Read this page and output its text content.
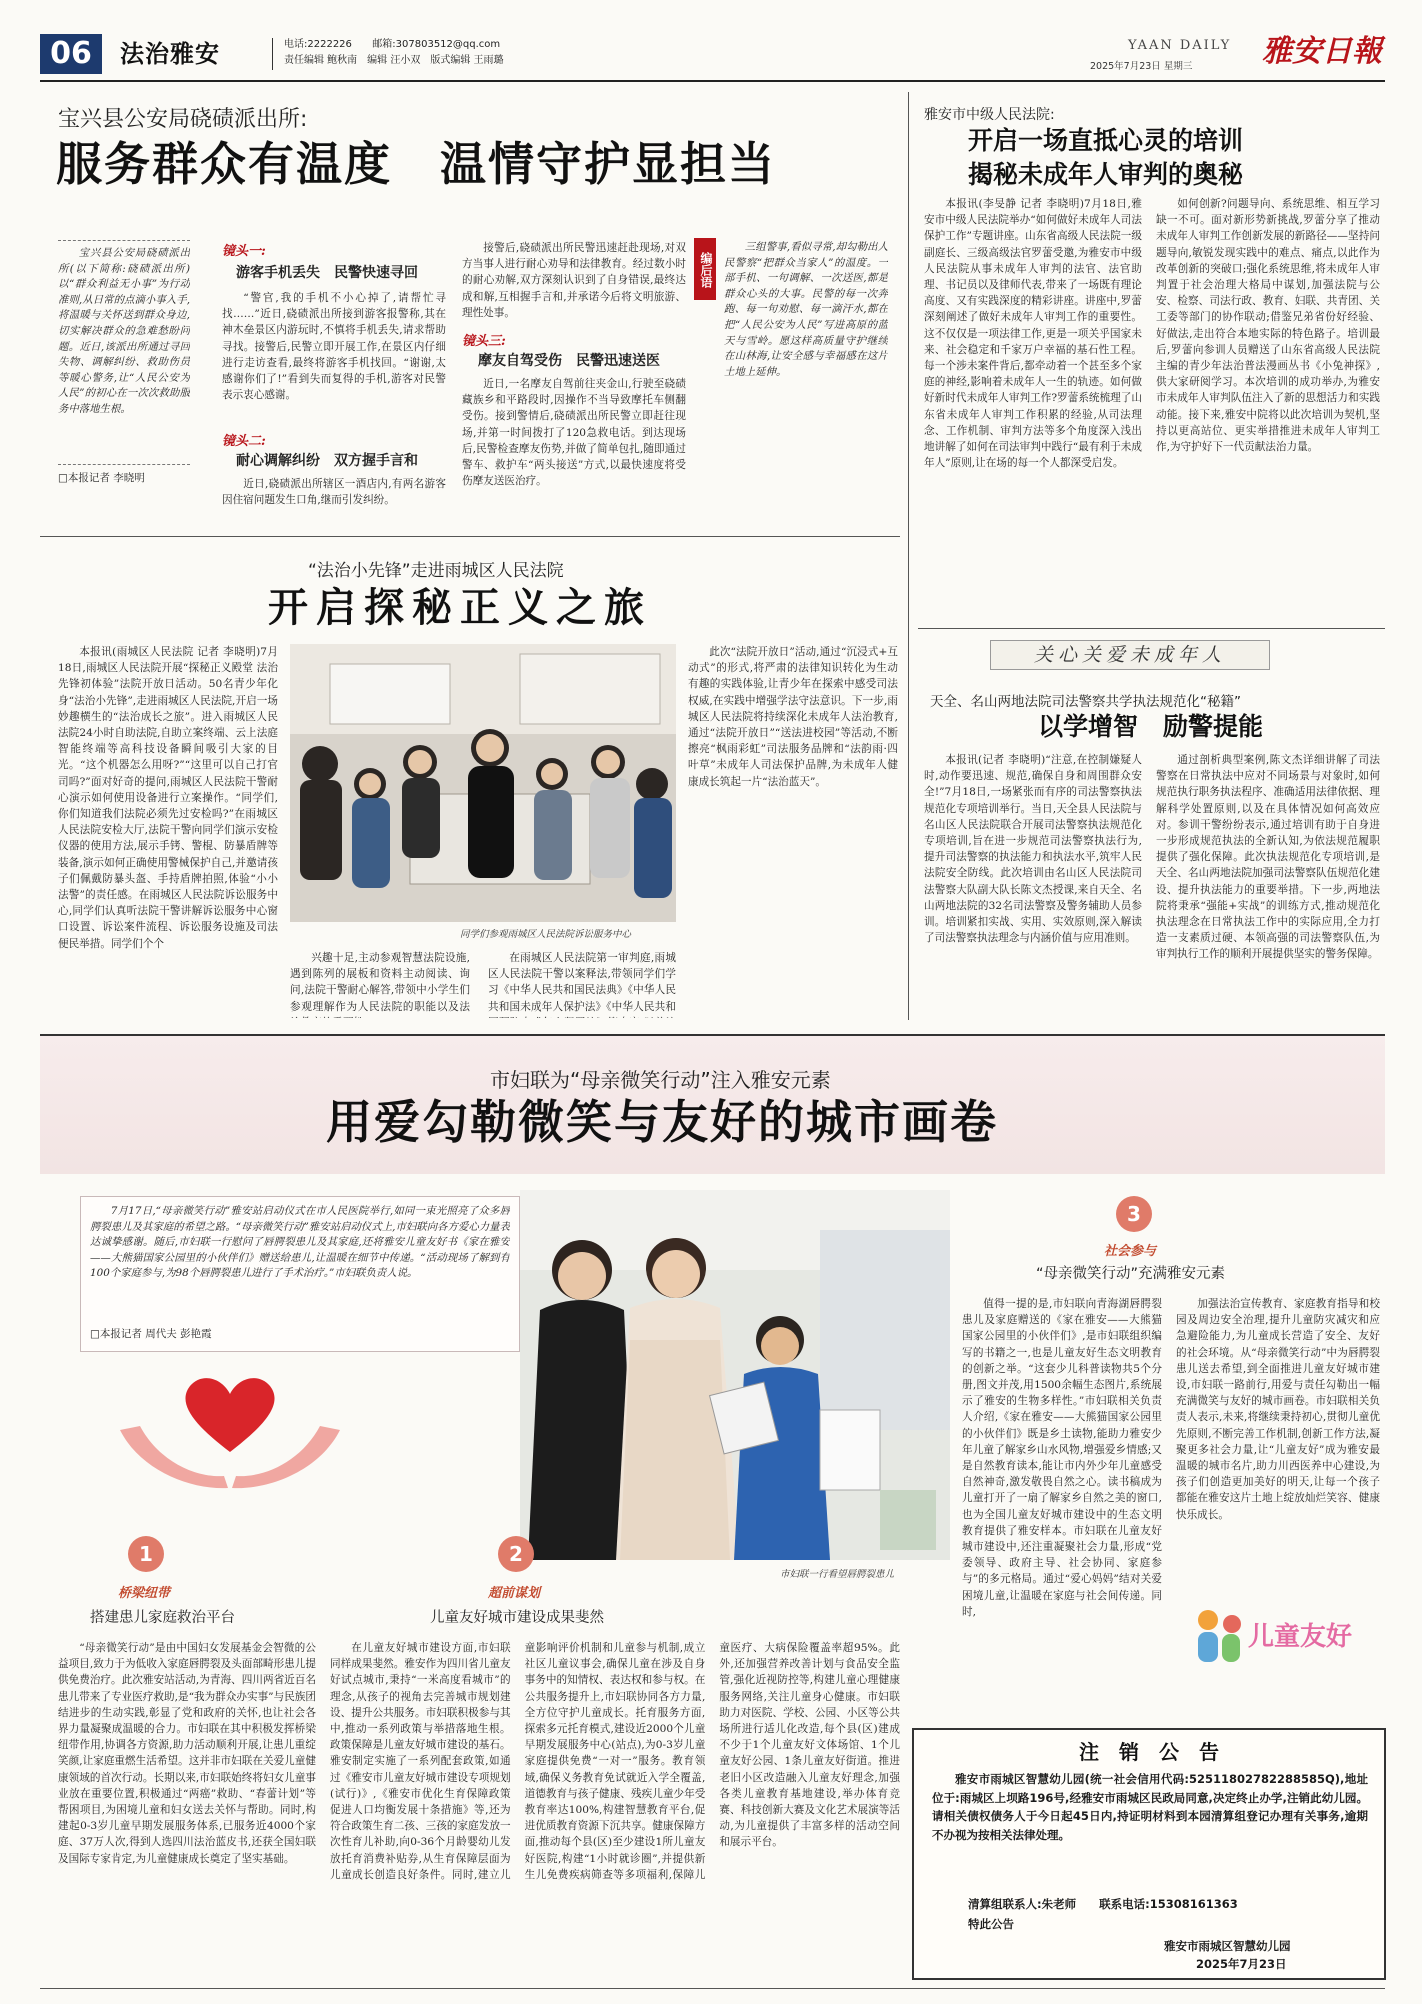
06	法治雅安	电话:2222226 邮箱:307803512@qq.com
责任编辑 鲍秋南　编辑 汪小双　版式编辑 王雨璐
YAAN DAILY
2025年7月23日 星期三 雅安日報
宝兴县公安局硗碛派出所:
服务群众有温度　温情守护显担当

宝兴县公安局硗碛派出所(以下简称:硗碛派出所)以“群众利益无小事”为行动准则,从日常的点滴小事入手,将温暖与关怀送到群众身边,切实解决群众的急难愁盼问题。近日,该派出所通过寻回失物、调解纠纷、救助伤员等暖心警务,让“人民公安为人民”的初心在一次次救助服务中落地生根。

□本报记者 李晓明
镜头一:
游客手机丢失　民警快速寻回

“警官,我的手机不小心掉了,请帮忙寻找……”近日,硗碛派出所接到游客报警称,其在神木垒景区内游玩时,不慎将手机丢失,请求帮助寻找。接警后,民警立即开展工作,在景区内仔细进行走访查看,最终将游客手机找回。“谢谢,太感谢你们了!”看到失而复得的手机,游客对民警表示衷心感谢。

镜头二:
耐心调解纠纷　双方握手言和

近日,硗碛派出所辖区一酒店内,有两名游客因住宿问题发生口角,继而引发纠纷。

接警后,硗碛派出所民警迅速赶赴现场,对双方当事人进行耐心劝导和法律教育。经过数小时的耐心劝解,双方深刻认识到了自身错误,最终达成和解,互相握手言和,并承诺今后将文明旅游、理性处事。

镜头三:
摩友自驾受伤　民警迅速送医

近日,一名摩友自驾前往夹金山,行驶至硗碛藏族乡和平路段时,因操作不当导致摩托车侧翻受伤。接到警情后,硗碛派出所民警立即赶往现场,并第一时间拨打了120急救电话。到达现场后,民警检查摩友伤势,并做了简单包扎,随即通过警车、救护车“两头接送”方式,以最快速度将受伤摩友送医治疗。

编后语

三组警事,看似寻常,却勾勒出人民警察“把群众当家人”的温度。一部手机、一句调解、一次送医,都是群众心头的大事。民警的每一次奔跑、每一句劝慰、每一滴汗水,都在把“人民公安为人民”写进高原的蓝天与雪岭。愿这样高质量守护继续在山林海,让安全感与幸福感在这片土地上延伸。

雅安市中级人民法院:
开启一场直抵心灵的培训
揭秘未成年人审判的奥秘

本报讯(李旻静 记者 李晓明)7月18日,雅安市中级人民法院举办“如何做好未成年人司法保护工作”专题讲座。山东省高级人民法院一级副庭长、三级高级法官罗蕾受邀,为雅安市中级人民法院从事未成年人审判的法官、法官助理、书记员以及律师代表,带来了一场既有理论高度、又有实践深度的精彩讲座。讲座中,罗蕾深刻阐述了做好未成年人审判工作的重要性。这不仅仅是一项法律工作,更是一项关乎国家未来、社会稳定和千家万户幸福的基石性工程。每一个涉未案件背后,都牵动着一个甚至多个家庭的神经,影响着未成年人一生的轨迹。如何做好新时代未成年人审判工作?罗蕾系统梳理了山东省未成年人审判工作积累的经验,从司法理念、工作机制、审判方法等多个角度深入浅出地讲解了如何在司法审判中践行“最有利于未成年人”原则,让在场的每一个人都深受启发。

如何创新?问题导向、系统思维、相互学习缺一不可。面对新形势新挑战,罗蕾分享了推动未成年人审判工作创新发展的新路径——坚持问题导向,敏锐发现实践中的难点、痛点,以此作为改革创新的突破口;强化系统思维,将未成年人审判置于社会治理大格局中谋划,加强法院与公安、检察、司法行政、教育、妇联、共青团、关工委等部门的协作联动;借鉴兄弟省份好经验、好做法,走出符合本地实际的特色路子。培训最后,罗蕾向参训人员赠送了山东省高级人民法院主编的青少年法治普法漫画丛书《小兔神探》,供大家研阅学习。本次培训的成功举办,为雅安市未成年人审判队伍注入了新的思想活力和实践动能。接下来,雅安中院将以此次培训为契机,坚持以更高站位、更实举措推进未成年人审判工作,为守护好下一代贡献法治力量。

关心关爱未成年人
“法治小先锋”走进雨城区人民法院
开启探秘正义之旅

本报讯(雨城区人民法院 记者 李晓明)7月18日,雨城区人民法院开展“探秘正义殿堂 法治先锋初体验”法院开放日活动。50名青少年化身“法治小先锋”,走进雨城区人民法院,开启一场妙趣横生的“法治成长之旅”。进入雨城区人民法院24小时自助法院,自助立案终端、云上法庭智能终端等高科技设备瞬间吸引大家的目光。“这个机器怎么用呀?”“这里可以自己打官司吗?”面对好奇的提问,雨城区人民法院干警耐心演示如何使用设备进行立案操作。“同学们,你们知道我们法院必须先过安检吗?”在雨城区人民法院安检大厅,法院干警向同学们演示安检仪器的使用方法,展示手铐、警棍、防暴盾牌等装备,演示如何正确使用警械保护自己,并邀请孩子们佩戴防暴头盔、手持盾牌拍照,体验“小小法警”的责任感。在雨城区人民法院诉讼服务中心,同学们认真听法院干警讲解诉讼服务中心窗口设置、诉讼案件流程、诉讼服务设施及司法便民举措。同学们个个

同学们参观雨城区人民法院诉讼服务中心

兴趣十足,主动参观智慧法院设施,遇到陈列的展板和资料主动阅读、询问,法院干警耐心解答,带领中小学生们参观理解作为人民法院的职能以及法

在雨城区人民法院第一审判庭,雨城区人民法院干警以案释法,带领同学们学习《中华人民共和国民法典》《中华人民共和国未成年人保护法》《中华人民共和

此次“法院开放日”活动,通过“沉浸式+互动式”的形式,将严肃的法律知识转化为生动有趣的实践体验,让青少年在探索中感受司法权威,在实践中增强学法守法意识。下一步,雨城区人民法院将持续深化未成年人法治教育,通过“法院开放日”“送法进校园”等活动,不断擦亮“枫雨彩虹”司法服务品牌和“法韵雨·四叶草”未成年人司法保护品牌,为未成年人健康成长筑起一片“法治蓝天”。

天全、名山两地法院司法警察共学执法规范化“秘籍”
以学增智　励警提能

本报讯(记者 李晓明)“注意,在控制嫌疑人时,动作要迅速、规范,确保自身和周围群众安全!”7月18日,一场紧张而有序的司法警察执法规范化专项培训举行。当日,天全县人民法院与名山区人民法院联合开展司法警察执法规范化专项培训,旨在进一步规范司法警察执法行为,提升司法警察的执法能力和执法水平,筑牢人民法院安全防线。此次培训由名山区人民法院司法警察大队副大队长陈文杰授课,来自天全、名山两地法院的32名司法警察及警务辅助人员参训。培训紧扣实战、实用、实效原则,深入解读了司法警察执法理念与内涵价值与应用准则。

通过剖析典型案例,陈文杰详细讲解了司法警察在日常执法中应对不同场景与对象时,如何规范执行职务执法程序、准确适用法律依据、理解科学处置原则,以及在具体情况如何高效应对。参训干警纷纷表示,通过培训有助于自身进一步形成规范执法的全新认知,为依法规范履职提供了强化保障。此次执法规范化专项培训,是天全、名山两地法院加强司法警察队伍规范化建设、提升执法能力的重要举措。下一步,两地法院将秉承“强能+实战”的训练方式,推动规范化执法理念在日常执法工作中的实际应用,全力打造一支素质过硬、本领高强的司法警察队伍,为审判执行工作的顺利开展提供坚实的警务保障。

市妇联为“母亲微笑行动”注入雅安元素
用爱勾勒微笑与友好的城市画卷

7月17日,“母亲微笑行动”雅安站启动仪式在市人民医院举行,如同一束光照亮了众多唇腭裂患儿及其家庭的希望之路。“母亲微笑行动”雅安站启动仪式上,市妇联向各方爱心力量表达诚挚感谢。随后,市妇联一行慰问了唇腭裂患儿及其家庭,还将雅安儿童友好书《家在雅安——大熊猫国家公园里的小伙伴们》赠送给患儿,让温暖在细节中传递。“活动现场了解到有100个家庭参与,为98个唇腭裂患儿进行了手术治疗。”市妇联负责人说。

□本报记者 周代夫 彭艳霞
市妇联一行看望唇腭裂患儿
1
桥梁纽带
搭建患儿家庭救治平台

“母亲微笑行动”是由中国妇女发展基金会智微的公益项目,致力于为低收入家庭唇腭裂及头面部畸形患儿提供免费治疗。此次雅安站活动,为青海、四川两省近百名患儿带来了专业医疗救助,是“我为群众办实事”与民族团结进步的生动实践,彰显了党和政府的关怀,也让社会各界力量凝聚成温暖的合力。市妇联在其中积极发挥桥梁纽带作用,协调各方资源,助力活动顺利开展,让患儿重绽笑颜,让家庭重燃生活希望。这并非市妇联在关爱儿童健康领域的首次行动。长期以来,市妇联始终将妇女儿童事业放在重要位置,积极通过“两癌”救助、“春蕾计划”等帮困项目,为困境儿童和妇女送去关怀与帮助。同时,构建起0-3岁儿童早期发展服务体系,已服务近4000个家庭、37万人次,得到人选四川法治蓝皮书,还获全国妇联及国际专家肯定,为儿童健康成长奠定了坚实基础。

2
超前谋划
儿童友好城市建设成果斐然

在儿童友好城市建设方面,市妇联同样成果斐然。雅安作为四川省儿童友好试点城市,秉持“一米高度看城市”的理念,从孩子的视角去完善城市规划建设、提升公共服务。市妇联积极参与其中,推动一系列政策与举措落地生根。政策保障是儿童友好城市建设的基石。雅安制定实施了一系列配套政策,如通过《雅安市儿童友好城市建设专项规划(试行)》,《雅安市优化生育保障政策促进人口均衡发展十条措施》等,还为符合政策生育二孩、三孩的家庭发放一次性育儿补助,向0-36个月龄婴幼儿发放托育消费补贴券,从生育保障层面为儿童成长创造良好条件。同时,建立儿童影响评价机制和儿童参与机制,成立社区儿童议事会,确保儿童在涉及自身事务中的知情权、表达权和参与权。在公共服务提升上,市妇联协同各方力量,全方位守护儿童成长。托育服务方面,探索多元托育模式,建设近2000个儿童早期发展服务中心(站点),为0-3岁儿童家庭提供免费“一对一”服务。教育领域,确保义务教育免试就近入学全覆盖,道德教育与孩子健康、残疾儿童少年受教育率达100%,构建智慧教育平台,促进优质教育资源下沉共享。健康保障方面,推动每个县(区)至少建设1所儿童友好医院,构建“1小时就诊圈”,并提供新生儿免费疾病筛查等多项福利,保障儿童医疗、大病保险覆盖率超95%。此外,还加强营养改善计划与食品安全监管,强化近视防控等,构建儿童心理健康服务网络,关注儿童身心健康。市妇联助力对医院、学校、公园、小区等公共场所进行适儿化改造,每个县(区)建成不少于1个儿童友好文体场馆、1个儿童友好公园、1条儿童友好街道。推进老旧小区改造融入儿童友好理念,加强各类儿童教育基地建设,举办体育竞赛、科技创新大赛及文化艺术展演等活动,为儿童提供了丰富多样的活动空间和展示平台。

3
社会参与
“母亲微笑行动”充满雅安元素

值得一提的是,市妇联向青海湖唇腭裂患儿及家庭赠送的《家在雅安——大熊猫国家公园里的小伙伴们》,是市妇联组织编写的书籍之一,也是儿童友好生态文明教育的创新之举。“这套少儿科普读物共5个分册,图文并茂,用1500余幅生态图片,系统展示了雅安的生物多样性。”市妇联相关负责人介绍,《家在雅安——大熊猫国家公园里的小伙伴们》既是乡土读物,能助力雅安少年儿童了解家乡山水风物,增强爱乡情感;又是自然教育读本,能让市内外少年儿童感受自然神奇,激发敬畏自然之心。读书稿成为儿童打开了一扇了解家乡自然之美的窗口,也为全国儿童友好城市建设中的生态文明教育提供了雅安样本。市妇联在儿童友好城市建设中,还注重凝聚社会力量,形成“党委领导、政府主导、社会协同、家庭参与”的多元格局。通过“爱心妈妈”结对关爱困境儿童,让温暖在家庭与社会间传递。同时,

加强法治宣传教育、家庭教育指导和校园及周边安全治理,提升儿童防灾减灾和应急避险能力,为儿童成长营造了安全、友好的社会环境。从“母亲微笑行动”中为唇腭裂患儿送去希望,到全面推进儿童友好城市建设,市妇联一路前行,用爱与责任勾勒出一幅充满微笑与友好的城市画卷。市妇联相关负责人表示,未来,将继续秉持初心,贯彻儿童优先原则,不断完善工作机制,创新工作方法,凝聚更多社会力量,让“儿童友好”成为雅安最温暖的城市名片,助力川西医养中心建设,为孩子们创造更加美好的明天,让每一个孩子都能在雅安这片土地上绽放灿烂笑容、健康快乐成长。

儿童友好
注　销　公　告
雅安市雨城区智慧幼儿园(统一社会信用代码:52511802782288585Q),地址位于:雨城区上坝路196号,经雅安市雨城区民政局同意,决定终止办学,注销此幼儿园。请相关债权债务人于今日起45日内,持证明材料到本园清算组登记办理有关事务,逾期不办视为按相关法律处理。
清算组联系人:朱老师　　联系电话:15308161363
特此公告
雅安市雨城区智慧幼儿园
2025年7月23日
